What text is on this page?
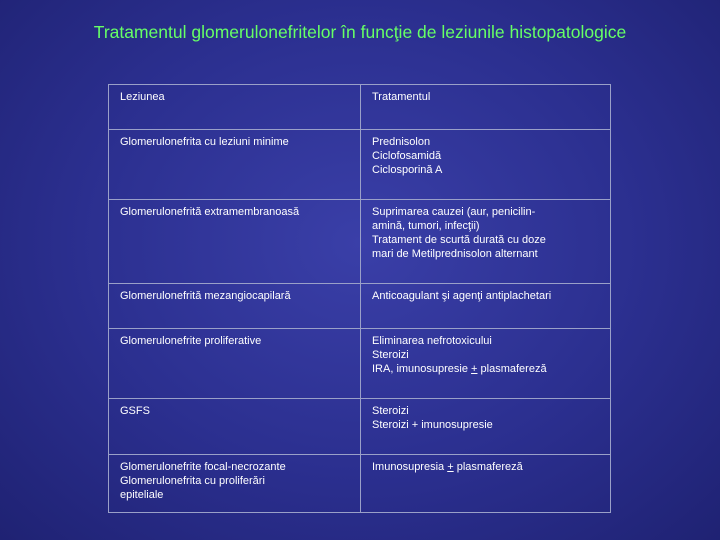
Tratamentul glomerulonefritelor în funcţie de leziunile histopatologice
Leziunea	Tratamentul

Glomerulonefrita cu leziuni minime	Prednisolon
Ciclofosamidă
Ciclosporină A

Glomerulonefrită extramembranoasă	Suprimarea cauzei (aur, penicilin-
amină, tumori, infecţii)
Tratament de scurtă durată cu doze
mari de Metilprednisolon alternant

Glomerulonefrită mezangiocapilară	Anticoagulant şi agenţi antiplachetari

Glomerulonefrite proliferative	Eliminarea nefrotoxicului
Steroizi
IRA, imunosupresie + plasmafereză

GSFS	Steroizi
Steroizi + imunosupresie

Glomerulonefrite focal-necrozante
Glomerulonefrita cu proliferări
epiteliale	Imunosupresia + plasmafereză
